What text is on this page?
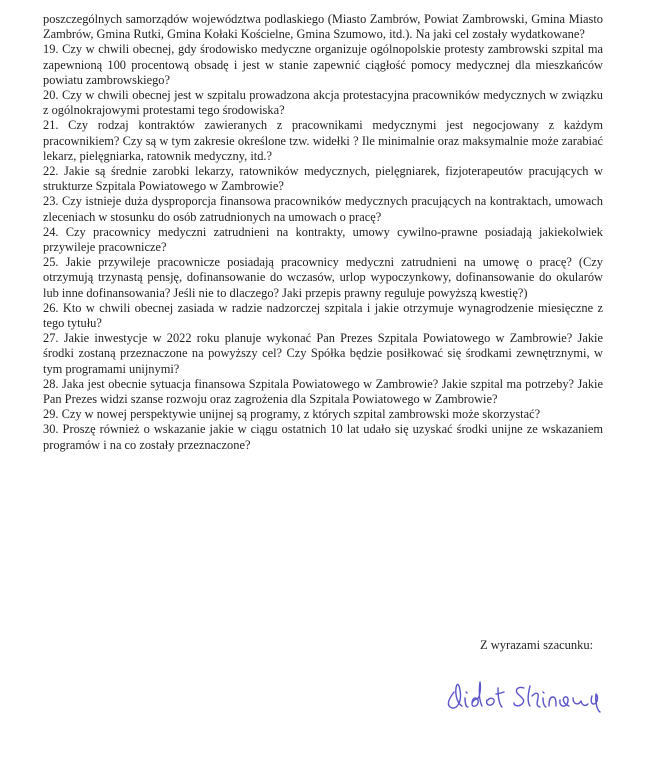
poszczególnych samorządów województwa podlaskiego (Miasto Zambrów, Powiat Zambrowski, Gmina Miasto Zambrów, Gmina Rutki, Gmina Kołaki Kościelne, Gmina Szumowo, itd.). Na jaki cel zostały wydatkowane?

19. Czy w chwili obecnej, gdy środowisko medyczne organizuje ogólnopolskie protesty zambrowski szpital ma zapewnioną 100 procentową obsadę i jest w stanie zapewnić ciągłość pomocy medycznej dla mieszkańców powiatu zambrowskiego?

20. Czy w chwili obecnej jest w szpitalu prowadzona akcja protestacyjna pracowników medycznych w związku z ogólnokrajowymi protestami tego środowiska?

21. Czy rodzaj kontraktów zawieranych z pracownikami medycznymi jest negocjowany z każdym pracownikiem? Czy są w tym zakresie określone tzw. widełki ? Ile minimalnie oraz maksymalnie może zarabiać lekarz, pielęgniarka, ratownik medyczny, itd.?

22. Jakie są średnie zarobki lekarzy, ratowników medycznych, pielęgniarek, fizjoterapeutów pracujących w strukturze Szpitala Powiatowego w Zambrowie?

23. Czy istnieje duża dysproporcja finansowa pracowników medycznych pracujących na kontraktach, umowach zleceniach w stosunku do osób zatrudnionych na umowach o pracę?

24. Czy pracownicy medyczni zatrudnieni na kontrakty, umowy cywilno-prawne posiadają jakiekolwiek przywileje pracownicze?

25. Jakie przywileje pracownicze posiadają pracownicy medyczni zatrudnieni na umowę o pracę? (Czy otrzymują trzynastą pensję, dofinansowanie do wczasów, urlop wypoczynkowy, dofinansowanie do okularów lub inne dofinansowania? Jeśli nie to dlaczego? Jaki przepis prawny reguluje powyższą kwestię?)

26. Kto w chwili obecnej zasiada w radzie nadzorczej szpitala i jakie otrzymuje wynagrodzenie miesięczne z tego tytułu?

27. Jakie inwestycje w 2022 roku planuje wykonać Pan Prezes Szpitala Powiatowego w Zambrowie? Jakie środki zostaną przeznaczone na powyższy cel? Czy Spółka będzie posiłkować się środkami zewnętrznymi, w tym programami unijnymi?

28. Jaka jest obecnie sytuacja finansowa Szpitala Powiatowego w Zambrowie? Jakie szpital ma potrzeby? Jakie Pan Prezes widzi szanse rozwoju oraz zagrożenia dla Szpitala Powiatowego w Zambrowie?

29. Czy w nowej perspektywie unijnej są programy, z których szpital zambrowski może skorzystać?

30. Proszę również o wskazanie jakie w ciągu ostatnich 10 lat udało się uzyskać środki unijne ze wskazaniem programów i na co zostały przeznaczone?

Z wyrazami szacunku:
